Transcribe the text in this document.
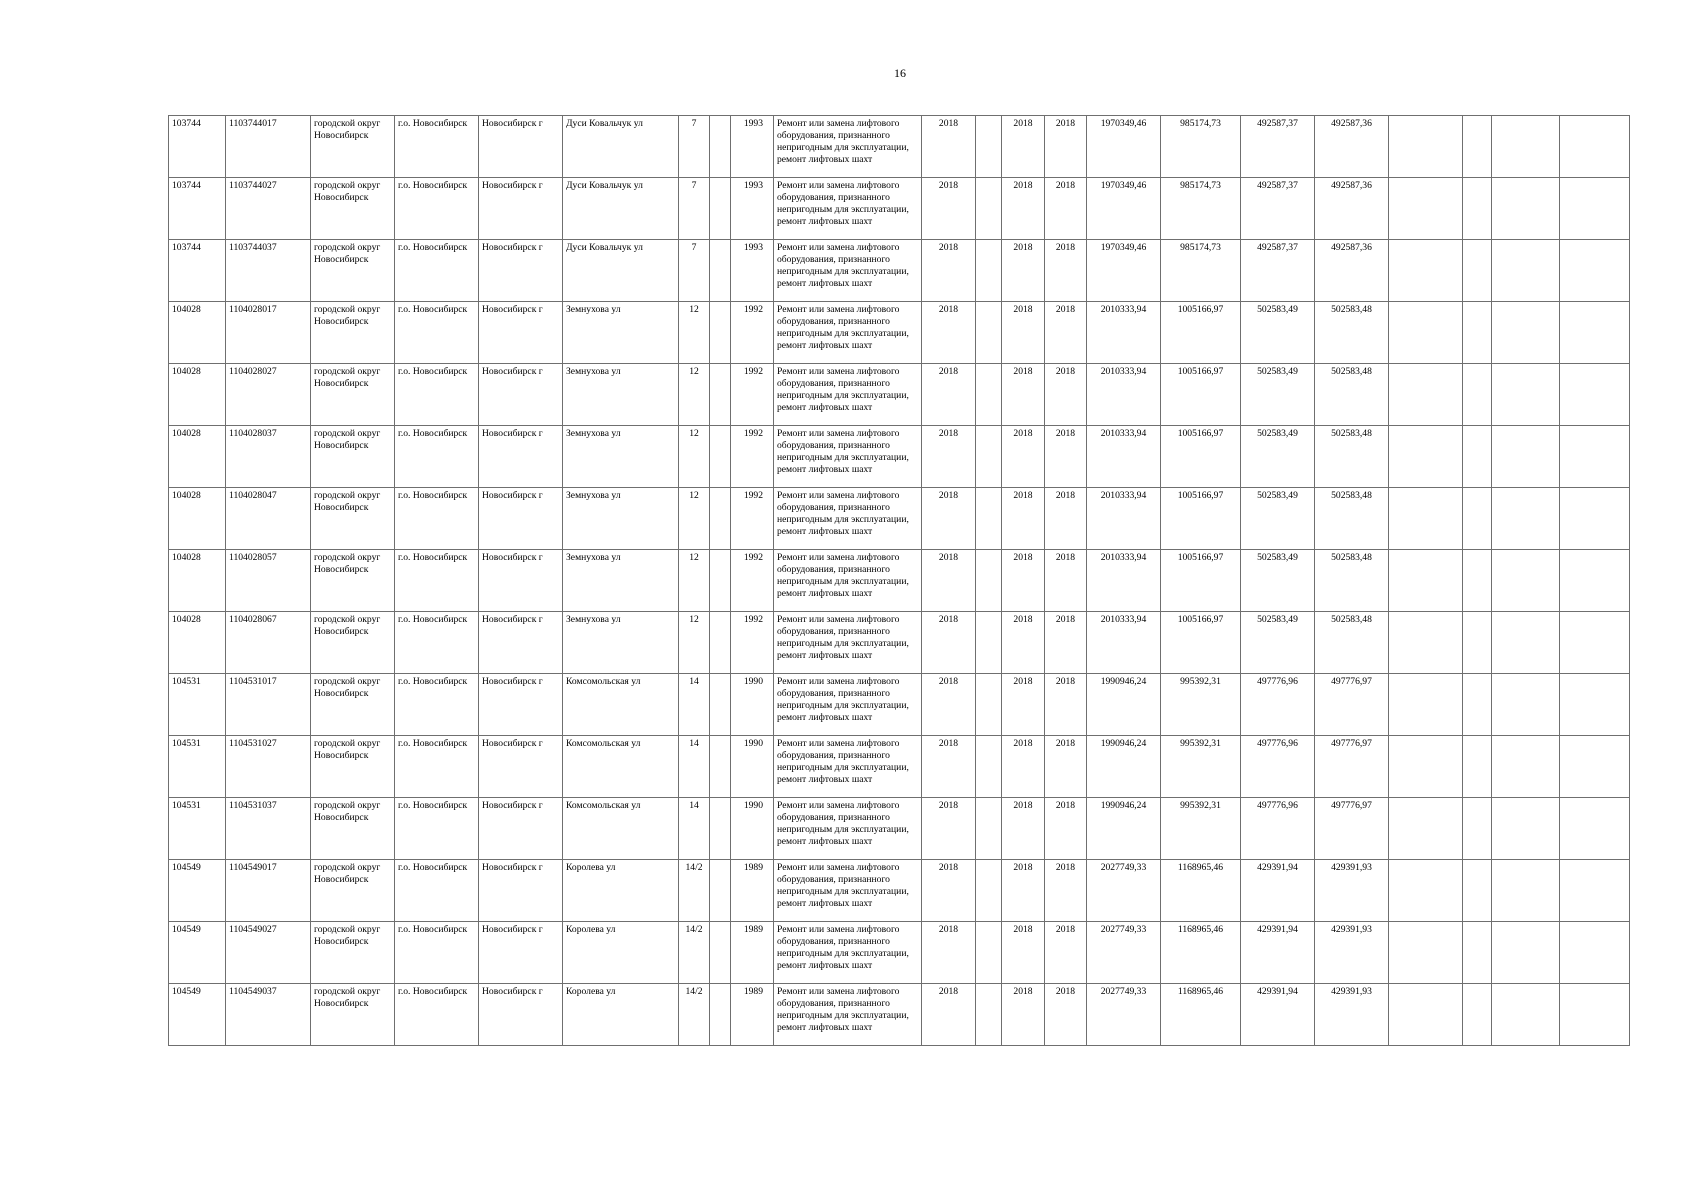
16
103744	1103744017	городской округ Новосибирск	г.о. Новосибирск	Новосибирск г	Дуси Ковальчук ул	7		1993	Ремонт или замена лифтового оборудования, признанного непригодным для эксплуатации, ремонт лифтовых шахт	2018		2018	2018	1970349,46	985174,73	492587,37	492587,36				
103744	1103744027	городской округ Новосибирск	г.о. Новосибирск	Новосибирск г	Дуси Ковальчук ул	7		1993	Ремонт или замена лифтового оборудования, признанного непригодным для эксплуатации, ремонт лифтовых шахт	2018		2018	2018	1970349,46	985174,73	492587,37	492587,36				
103744	1103744037	городской округ Новосибирск	г.о. Новосибирск	Новосибирск г	Дуси Ковальчук ул	7		1993	Ремонт или замена лифтового оборудования, признанного непригодным для эксплуатации, ремонт лифтовых шахт	2018		2018	2018	1970349,46	985174,73	492587,37	492587,36				
104028	1104028017	городской округ Новосибирск	г.о. Новосибирск	Новосибирск г	Земнухова ул	12		1992	Ремонт или замена лифтового оборудования, признанного непригодным для эксплуатации, ремонт лифтовых шахт	2018		2018	2018	2010333,94	1005166,97	502583,49	502583,48				
104028	1104028027	городской округ Новосибирск	г.о. Новосибирск	Новосибирск г	Земнухова ул	12		1992	Ремонт или замена лифтового оборудования, признанного непригодным для эксплуатации, ремонт лифтовых шахт	2018		2018	2018	2010333,94	1005166,97	502583,49	502583,48				
104028	1104028037	городской округ Новосибирск	г.о. Новосибирск	Новосибирск г	Земнухова ул	12		1992	Ремонт или замена лифтового оборудования, признанного непригодным для эксплуатации, ремонт лифтовых шахт	2018		2018	2018	2010333,94	1005166,97	502583,49	502583,48				
104028	1104028047	городской округ Новосибирск	г.о. Новосибирск	Новосибирск г	Земнухова ул	12		1992	Ремонт или замена лифтового оборудования, признанного непригодным для эксплуатации, ремонт лифтовых шахт	2018		2018	2018	2010333,94	1005166,97	502583,49	502583,48				
104028	1104028057	городской округ Новосибирск	г.о. Новосибирск	Новосибирск г	Земнухова ул	12		1992	Ремонт или замена лифтового оборудования, признанного непригодным для эксплуатации, ремонт лифтовых шахт	2018		2018	2018	2010333,94	1005166,97	502583,49	502583,48				
104028	1104028067	городской округ Новосибирск	г.о. Новосибирск	Новосибирск г	Земнухова ул	12		1992	Ремонт или замена лифтового оборудования, признанного непригодным для эксплуатации, ремонт лифтовых шахт	2018		2018	2018	2010333,94	1005166,97	502583,49	502583,48				
104531	1104531017	городской округ Новосибирск	г.о. Новосибирск	Новосибирск г	Комсомольская ул	14		1990	Ремонт или замена лифтового оборудования, признанного непригодным для эксплуатации, ремонт лифтовых шахт	2018		2018	2018	1990946,24	995392,31	497776,96	497776,97				
104531	1104531027	городской округ Новосибирск	г.о. Новосибирск	Новосибирск г	Комсомольская ул	14		1990	Ремонт или замена лифтового оборудования, признанного непригодным для эксплуатации, ремонт лифтовых шахт	2018		2018	2018	1990946,24	995392,31	497776,96	497776,97				
104531	1104531037	городской округ Новосибирск	г.о. Новосибирск	Новосибирск г	Комсомольская ул	14		1990	Ремонт или замена лифтового оборудования, признанного непригодным для эксплуатации, ремонт лифтовых шахт	2018		2018	2018	1990946,24	995392,31	497776,96	497776,97				
104549	1104549017	городской округ Новосибирск	г.о. Новосибирск	Новосибирск г	Королева ул	14/2		1989	Ремонт или замена лифтового оборудования, признанного непригодным для эксплуатации, ремонт лифтовых шахт	2018		2018	2018	2027749,33	1168965,46	429391,94	429391,93				
104549	1104549027	городской округ Новосибирск	г.о. Новосибирск	Новосибирск г	Королева ул	14/2		1989	Ремонт или замена лифтового оборудования, признанного непригодным для эксплуатации, ремонт лифтовых шахт	2018		2018	2018	2027749,33	1168965,46	429391,94	429391,93				
104549	1104549037	городской округ Новосибирск	г.о. Новосибирск	Новосибирск г	Королева ул	14/2		1989	Ремонт или замена лифтового оборудования, признанного непригодным для эксплуатации, ремонт лифтовых шахт	2018		2018	2018	2027749,33	1168965,46	429391,94	429391,93				
